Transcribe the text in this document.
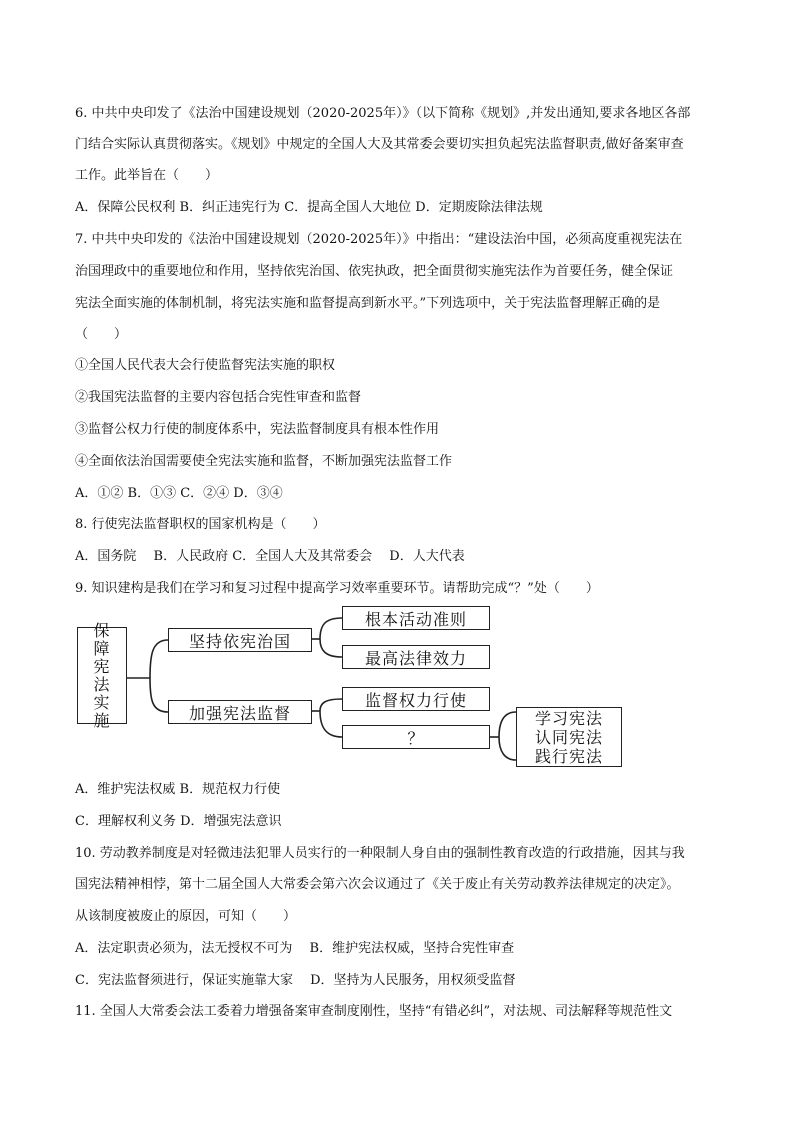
6. 中共中央印发了《法治中国建设规划（2020-2025年）》（以下简称《规划》,并发出通知,要求各地区各部
门结合实际认真贯彻落实。《规划》中规定的全国人大及其常委会要切实担负起宪法监督职责,做好备案审查
工作。此举旨在（　　）
A．保障公民权利 B．纠正违宪行为 C．提高全国人大地位 D．定期废除法律法规
7. 中共中央印发的《法治中国建设规划（2020-2025年）》中指出：“建设法治中国，必须高度重视宪法在
治国理政中的重要地位和作用，坚持依宪治国、依宪执政，把全面贯彻实施宪法作为首要任务，健全保证
宪法全面实施的体制机制，将宪法实施和监督提高到新水平。”下列选项中，关于宪法监督理解正确的是
（　　）
①全国人民代表大会行使监督宪法实施的职权
②我国宪法监督的主要内容包括合宪性审查和监督
③监督公权力行使的制度体系中，宪法监督制度具有根本性作用
④全面依法治国需要使全宪法实施和监督，不断加强宪法监督工作
A．①② B．①③ C．②④ D．③④
8. 行使宪法监督职权的国家机构是（　　）
A．国务院　 B．人民政府 C．全国人大及其常委会　 D．人大代表
9. 知识建构是我们在学习和复习过程中提高学习效率重要环节。请帮助完成“？”处（　　）
保
障
宪
法
实
施
坚持依宪治国
根本活动准则
最高法律效力
加强宪法监督
监督权力行使
？
学习宪法
认同宪法
践行宪法
A．维护宪法权威 B．规范权力行使
C．理解权利义务 D．增强宪法意识
10. 劳动教养制度是对轻微违法犯罪人员实行的一种限制人身自由的强制性教育改造的行政措施，因其与我
国宪法精神相悖，第十二届全国人大常委会第六次会议通过了《关于废止有关劳动教养法律规定的决定》。
从该制度被废止的原因，可知（　　）
A．法定职责必须为，法无授权不可为　 B．维护宪法权威，坚持合宪性审查
C．宪法监督须进行，保证实施靠大家　 D．坚持为人民服务，用权须受监督
11. 全国人大常委会法工委着力增强备案审查制度刚性，坚持“有错必纠”，对法规、司法解释等规范性文
